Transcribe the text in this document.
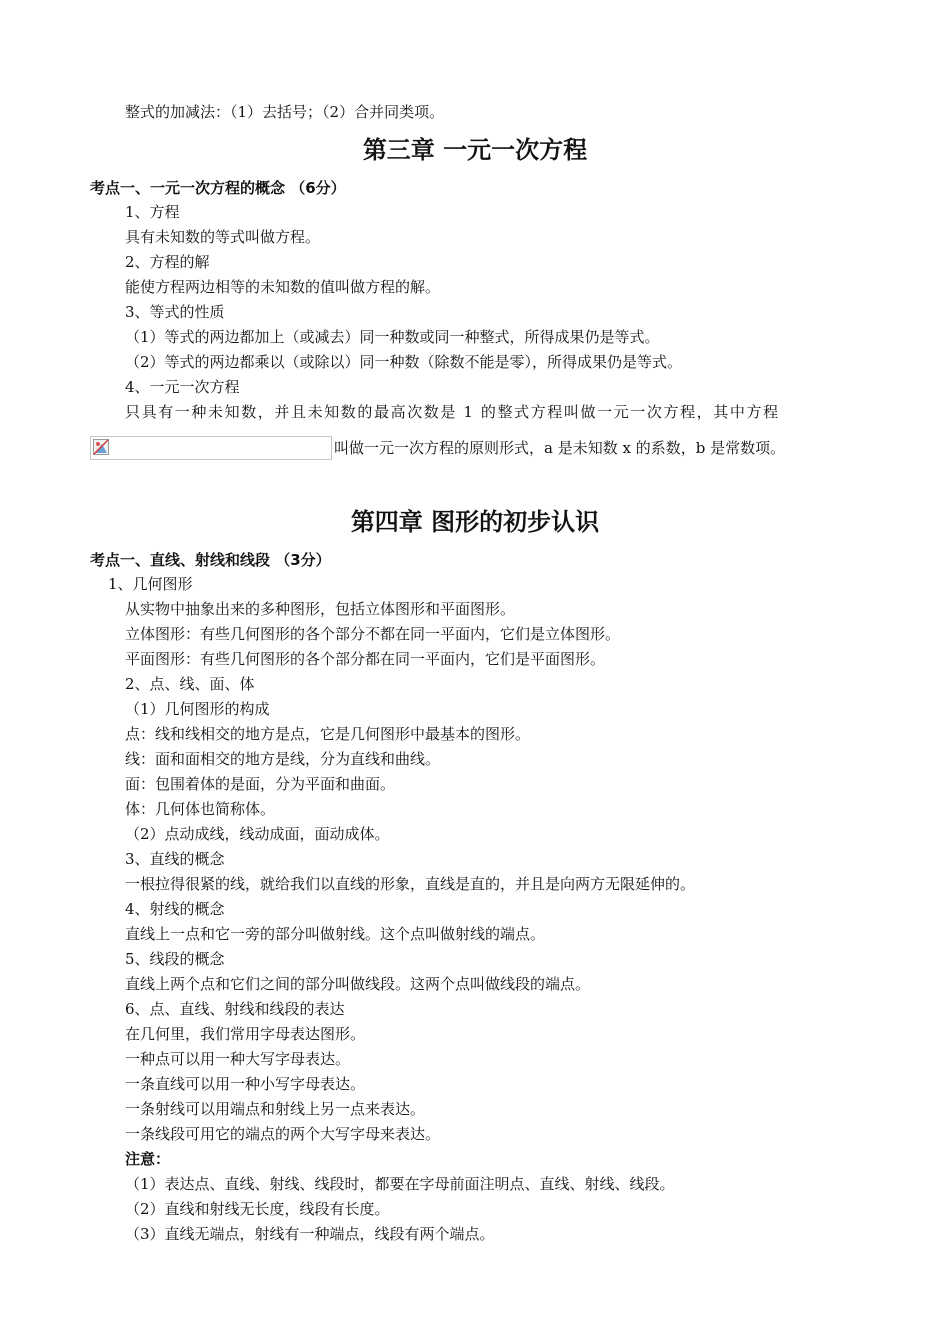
整式的加减法：（1）去括号；（2）合并同类项。
第三章 一元一次方程
考点一、一元一次方程的概念 （6分）
1、方程
具有未知数的等式叫做方程。
2、方程的解
能使方程两边相等的未知数的值叫做方程的解。
3、等式的性质
（1）等式的两边都加上（或减去）同一种数或同一种整式，所得成果仍是等式。
（2）等式的两边都乘以（或除以）同一种数（除数不能是零），所得成果仍是等式。
4、一元一次方程
只具有一种未知数，并且未知数的最高次数是 1 的整式方程叫做一元一次方程，其中方程
叫做一元一次方程的原则形式，a 是未知数 x 的系数，b 是常数项。
第四章 图形的初步认识
考点一、直线、射线和线段 （3分）
1、几何图形
从实物中抽象出来的多种图形，包括立体图形和平面图形。
立体图形：有些几何图形的各个部分不都在同一平面内，它们是立体图形。
平面图形：有些几何图形的各个部分都在同一平面内，它们是平面图形。
2、点、线、面、体
（1）几何图形的构成
点：线和线相交的地方是点，它是几何图形中最基本的图形。
线：面和面相交的地方是线，分为直线和曲线。
面：包围着体的是面，分为平面和曲面。
体：几何体也简称体。
（2）点动成线，线动成面，面动成体。
3、直线的概念
一根拉得很紧的线，就给我们以直线的形象，直线是直的，并且是向两方无限延伸的。
4、射线的概念
直线上一点和它一旁的部分叫做射线。这个点叫做射线的端点。
5、线段的概念
直线上两个点和它们之间的部分叫做线段。这两个点叫做线段的端点。
6、点、直线、射线和线段的表达
在几何里，我们常用字母表达图形。
一种点可以用一种大写字母表达。
一条直线可以用一种小写字母表达。
一条射线可以用端点和射线上另一点来表达。
一条线段可用它的端点的两个大写字母来表达。
注意：
（1）表达点、直线、射线、线段时，都要在字母前面注明点、直线、射线、线段。
（2）直线和射线无长度，线段有长度。
（3）直线无端点，射线有一种端点，线段有两个端点。
